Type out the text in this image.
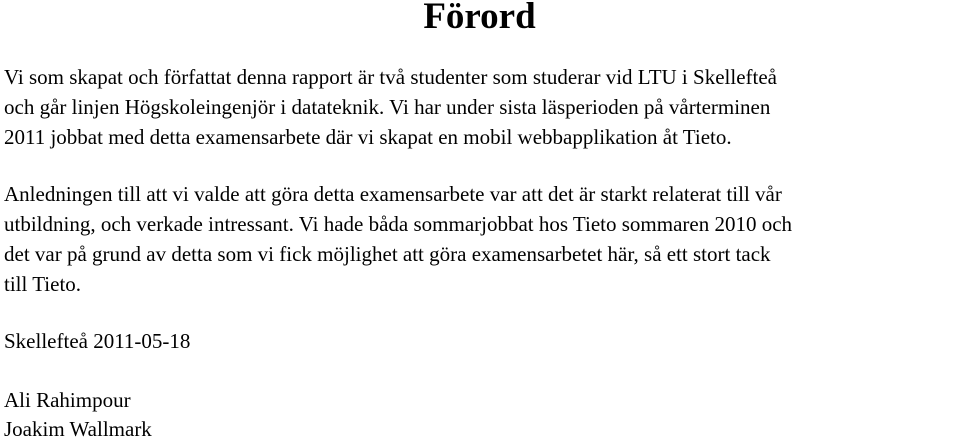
Förord

Vi som skapat och författat denna rapport är två studenter som studerar vid LTU i Skellefteå
och går linjen Högskoleingenjör i datateknik. Vi har under sista läsperioden på vårterminen
2011 jobbat med detta examensarbete där vi skapat en mobil webbapplikation åt Tieto.

Anledningen till att vi valde att göra detta examensarbete var att det är starkt relaterat till vår
utbildning, och verkade intressant. Vi hade båda sommarjobbat hos Tieto sommaren 2010 och
det var på grund av detta som vi fick möjlighet att göra examensarbetet här, så ett stort tack
till Tieto.

Skellefteå 2011-05-18

Ali Rahimpour

Joakim Wallmark
